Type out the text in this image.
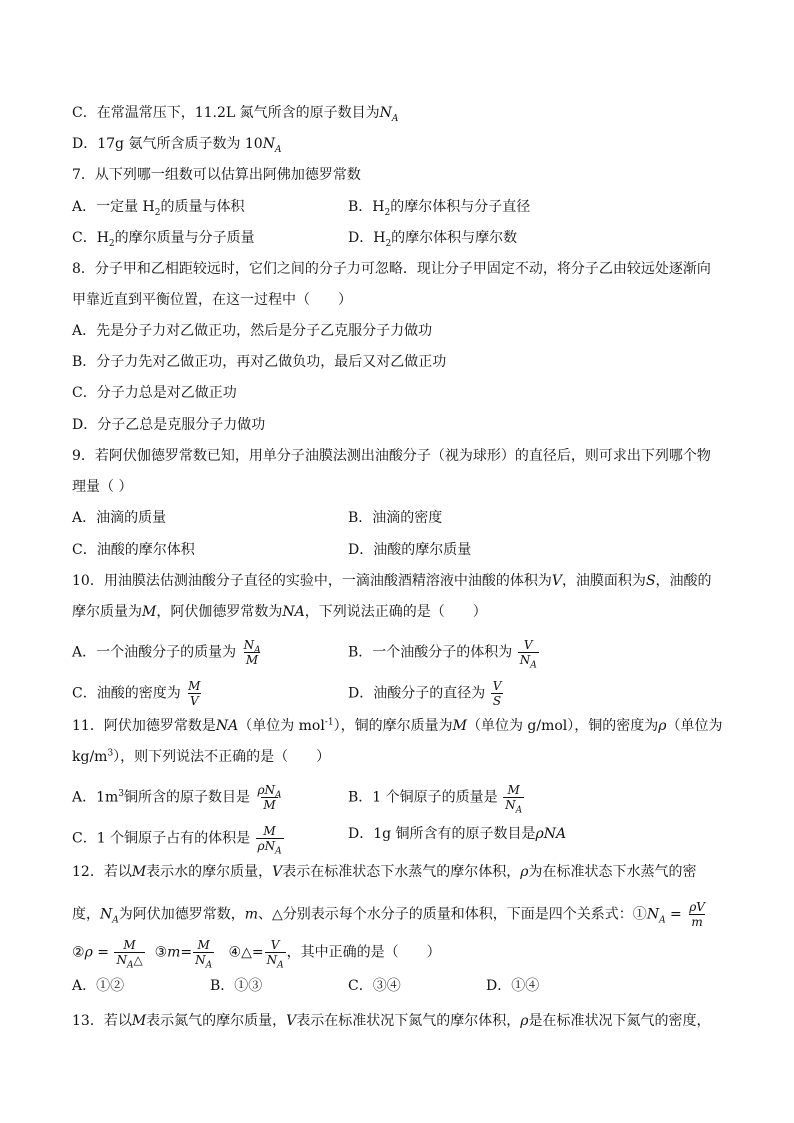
C．在常温常压下，11.2L 氮气所含的原子数目为$N_A$
D．17g 氨气所含质子数为 $10N_A$
7．从下列哪一组数可以估算出阿佛加德罗常数
A．一定量 $H_2$的质量与体积	B．$H_2$的摩尔体积与分子直径
C．$H_2$的摩尔质量与分子质量	D．$H_2$的摩尔体积与摩尔数
8．分子甲和乙相距较远时，它们之间的分子力可忽略．现让分子甲固定不动，将分子乙由较远处逐渐向
甲靠近直到平衡位置，在这一过程中（　　）
A．先是分子力对乙做正功，然后是分子乙克服分子力做功
B．分子力先对乙做正功，再对乙做负功，最后又对乙做正功
C．分子力总是对乙做正功
D．分子乙总是克服分子力做功
9．若阿伏伽德罗常数已知，用单分子油膜法测出油酸分子（视为球形）的直径后，则可求出下列哪个物
理量（ ）
A．油滴的质量	B．油滴的密度
C．油酸的摩尔体积	D．油酸的摩尔质量
10．用油膜法估测油酸分子直径的实验中，一滴油酸酒精溶液中油酸的体积为V，油膜面积为S，油酸的
摩尔质量为M，阿伏伽德罗常数为NA，下列说法正确的是（　　）
A．一个油酸分子的质量为 $\frac{N_A}{M}$	B．一个油酸分子的体积为 $\frac{V}{N_A}$
C．油酸的密度为 $\frac{M}{V}$	D．油酸分子的直径为 $\frac{V}{S}$
11．阿伏加德罗常数是NA（单位为 mol$^{-1}$），铜的摩尔质量为M（单位为 g/mol），铜的密度为ρ（单位为
$kg/m^3$），则下列说法不正确的是（　　）
A．$1m^3$铜所含的原子数目是 $\frac{\rho N_A}{M}$	B．1 个铜原子的质量是 $\frac{M}{N_A}$
C．1 个铜原子占有的体积是 $\frac{M}{\rho N_A}$	D．1g 铜所含有的原子数目是ρNA
12．若以M表示水的摩尔质量，V表示在标准状态下水蒸气的摩尔体积，ρ为在标准状态下水蒸气的密
度，$N_A$为阿伏加德罗常数，m、△分别表示每个水分子的质量和体积，下面是四个关系式：$①N_A = \frac{\rho V}{m}$
②ρ = $\frac{M}{N_A\triangle}$ ③m= $\frac{M}{N_A}$ ④△= $\frac{V}{N_A}$ ，其中正确的是（　　）
A．①②	B．①③	C．③④	D．①④
13．若以M表示氮气的摩尔质量，V表示在标准状况下氮气的摩尔体积，ρ是在标准状况下氮气的密度，
